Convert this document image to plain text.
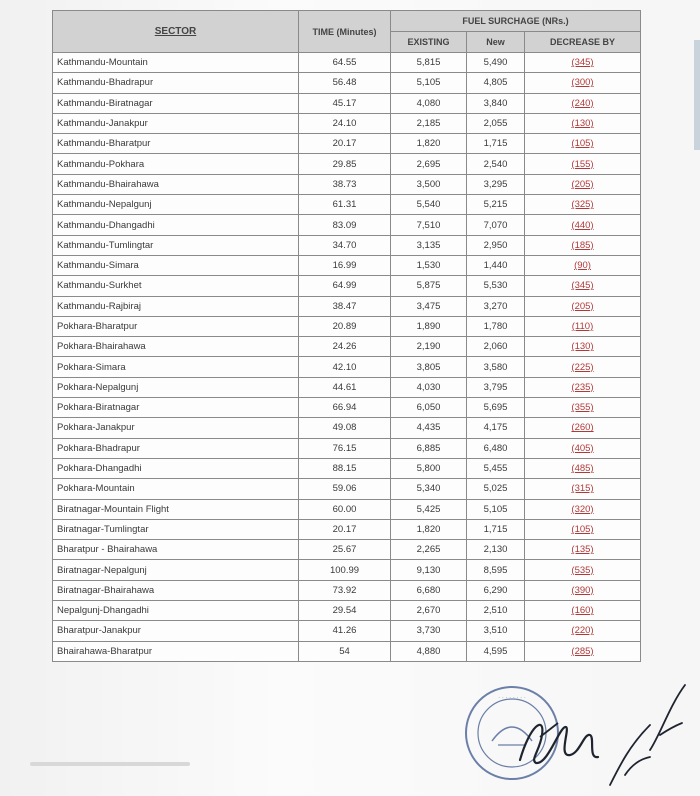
SECTOR	TIME (Minutes)	FUEL SURCHAGE (NRs.)		
		EXISTING	New	DECREASE BY
Kathmandu-Mountain	64.55	5,815	5,490	(345)
Kathmandu-Bhadrapur	56.48	5,105	4,805	(300)
Kathmandu-Biratnagar	45.17	4,080	3,840	(240)
Kathmandu-Janakpur	24.10	2,185	2,055	(130)
Kathmandu-Bharatpur	20.17	1,820	1,715	(105)
Kathmandu-Pokhara	29.85	2,695	2,540	(155)
Kathmandu-Bhairahawa	38.73	3,500	3,295	(205)
Kathmandu-Nepalgunj	61.31	5,540	5,215	(325)
Kathmandu-Dhangadhi	83.09	7,510	7,070	(440)
Kathmandu-Tumlingtar	34.70	3,135	2,950	(185)
Kathmandu-Simara	16.99	1,530	1,440	(90)
Kathmandu-Surkhet	64.99	5,875	5,530	(345)
Kathmandu-Rajbiraj	38.47	3,475	3,270	(205)
Pokhara-Bharatpur	20.89	1,890	1,780	(110)
Pokhara-Bhairahawa	24.26	2,190	2,060	(130)
Pokhara-Simara	42.10	3,805	3,580	(225)
Pokhara-Nepalgunj	44.61	4,030	3,795	(235)
Pokhara-Biratnagar	66.94	6,050	5,695	(355)
Pokhara-Janakpur	49.08	4,435	4,175	(260)
Pokhara-Bhadrapur	76.15	6,885	6,480	(405)
Pokhara-Dhangadhi	88.15	5,800	5,455	(485)
Pokhara-Mountain	59.06	5,340	5,025	(315)
Biratnagar-Mountain Flight	60.00	5,425	5,105	(320)
Biratnagar-Tumlingtar	20.17	1,820	1,715	(105)
Bharatpur - Bhairahawa	25.67	2,265	2,130	(135)
Biratnagar-Nepalgunj	100.99	9,130	8,595	(535)
Biratnagar-Bhairahawa	73.92	6,680	6,290	(390)
Nepalgunj-Dhangadhi	29.54	2,670	2,510	(160)
Bharatpur-Janakpur	41.26	3,730	3,510	(220)
Bhairahawa-Bharatpur	54	4,880	4,595	(285)
· · · · · · · ·
